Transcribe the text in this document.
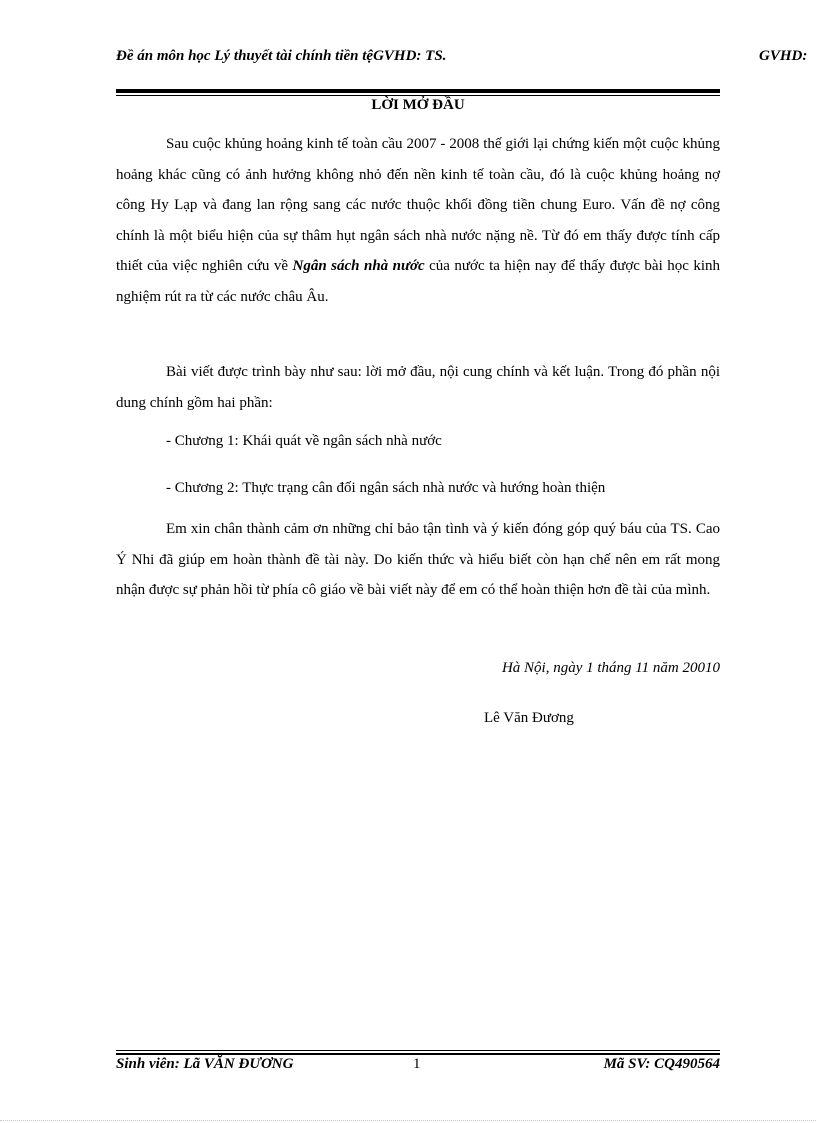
Đề án môn học Lý thuyết tài chính tiền tệGVHD: TS.	GVHD:
LỜI MỞ ĐẦU

Sau cuộc khủng hoảng kinh tế toàn cầu 2007 - 2008 thế giới lại chứng kiến một cuộc khủng hoảng khác cũng có ảnh hưởng không nhỏ đến nền kinh tế toàn cầu, đó là cuộc khủng hoảng nợ công Hy Lạp và đang lan rộng sang các nước thuộc khối đồng tiền chung Euro. Vấn đề nợ công chính là một biểu hiện của sự thâm hụt ngân sách nhà nước nặng nề. Từ đó em thấy được tính cấp thiết của việc nghiên cứu về Ngân sách nhà nước của nước ta hiện nay để thấy được bài học kinh nghiệm rút ra từ các nước châu Âu.

Bài viết được trình bày như sau: lời mở đầu, nội cung chính và kết luận. Trong đó phần nội dung chính gồm hai phần:

- Chương 1: Khái quát về ngân sách nhà nước

- Chương 2: Thực trạng cân đối ngân sách nhà nước và hướng hoàn thiện

Em xin chân thành cảm ơn những chỉ bảo tận tình và ý kiến đóng góp quý báu của TS. Cao Ý Nhi đã giúp em hoàn thành đề tài này. Do kiến thức và hiểu biết còn hạn chế nên em rất mong nhận được sự phản hồi từ phía cô giáo về bài viết này để em có thể hoàn thiện hơn đề tài của mình.

Hà Nội, ngày 1 tháng 11 năm 20010
Lê Văn Đương
Sinh viên: Lã VĂN ĐƯƠNG	1	Mã SV: CQ490564
